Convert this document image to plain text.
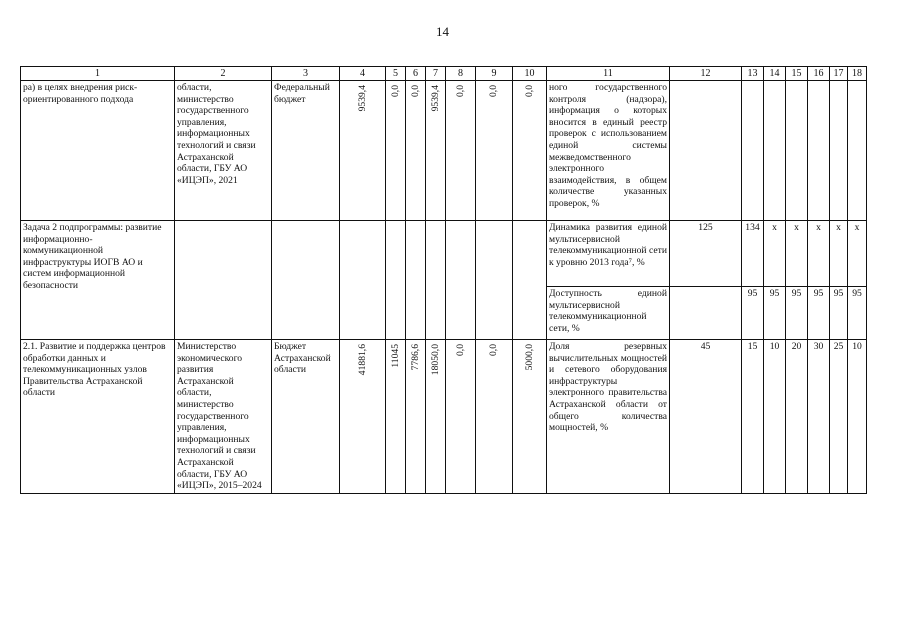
14
1	2	3	4	5	6	7	8	9	10	11	12	13	14	15	16	17	18
ра) в целях внедрения риск-ориентированного подхода	области, министерство государственного управления, информационных технологий и связи Астраханской области, ГБУ АО «ИЦЭП», 2021	Федеральный бюджет	9539,4	0,0	0,0	9539,4	0,0	0,0	0,0	ного государственного контроля (надзора), информация о которых вносится в единый реестр проверок с использованием единой системы межведомственного электронного взаимодействия, в общем количестве указанных проверок, %							
Задача 2 подпрограммы: развитие информационно-коммуникационной инфраструктуры ИОГВ АО и систем информационной безопасности										Динамика развития единой мультисервисной телекоммуникационной сети к уровню 2013 года⁷, %	125	134	x	x	x	x	x
										Доступность единой мультисервисной телекоммуникационной сети, %		95	95	95	95	95	95
2.1. Развитие и поддержка центров обработки данных и телекоммуникационных узлов Правительства Астраханской области	Министерство экономического развития Астраханской области, министерство государственного управления, информационных технологий и связи Астраханской области, ГБУ АО «ИЦЭП», 2015–2024	Бюджет Астраханской области	41881,6	11045	7786,6	18050,0	0,0	0,0	5000,0	Доля резервных вычислительных мощностей и сетевого оборудования инфраструктуры электронного правительства Астраханской области от общего количества мощностей, %	45	15	10	20	30	25	10
